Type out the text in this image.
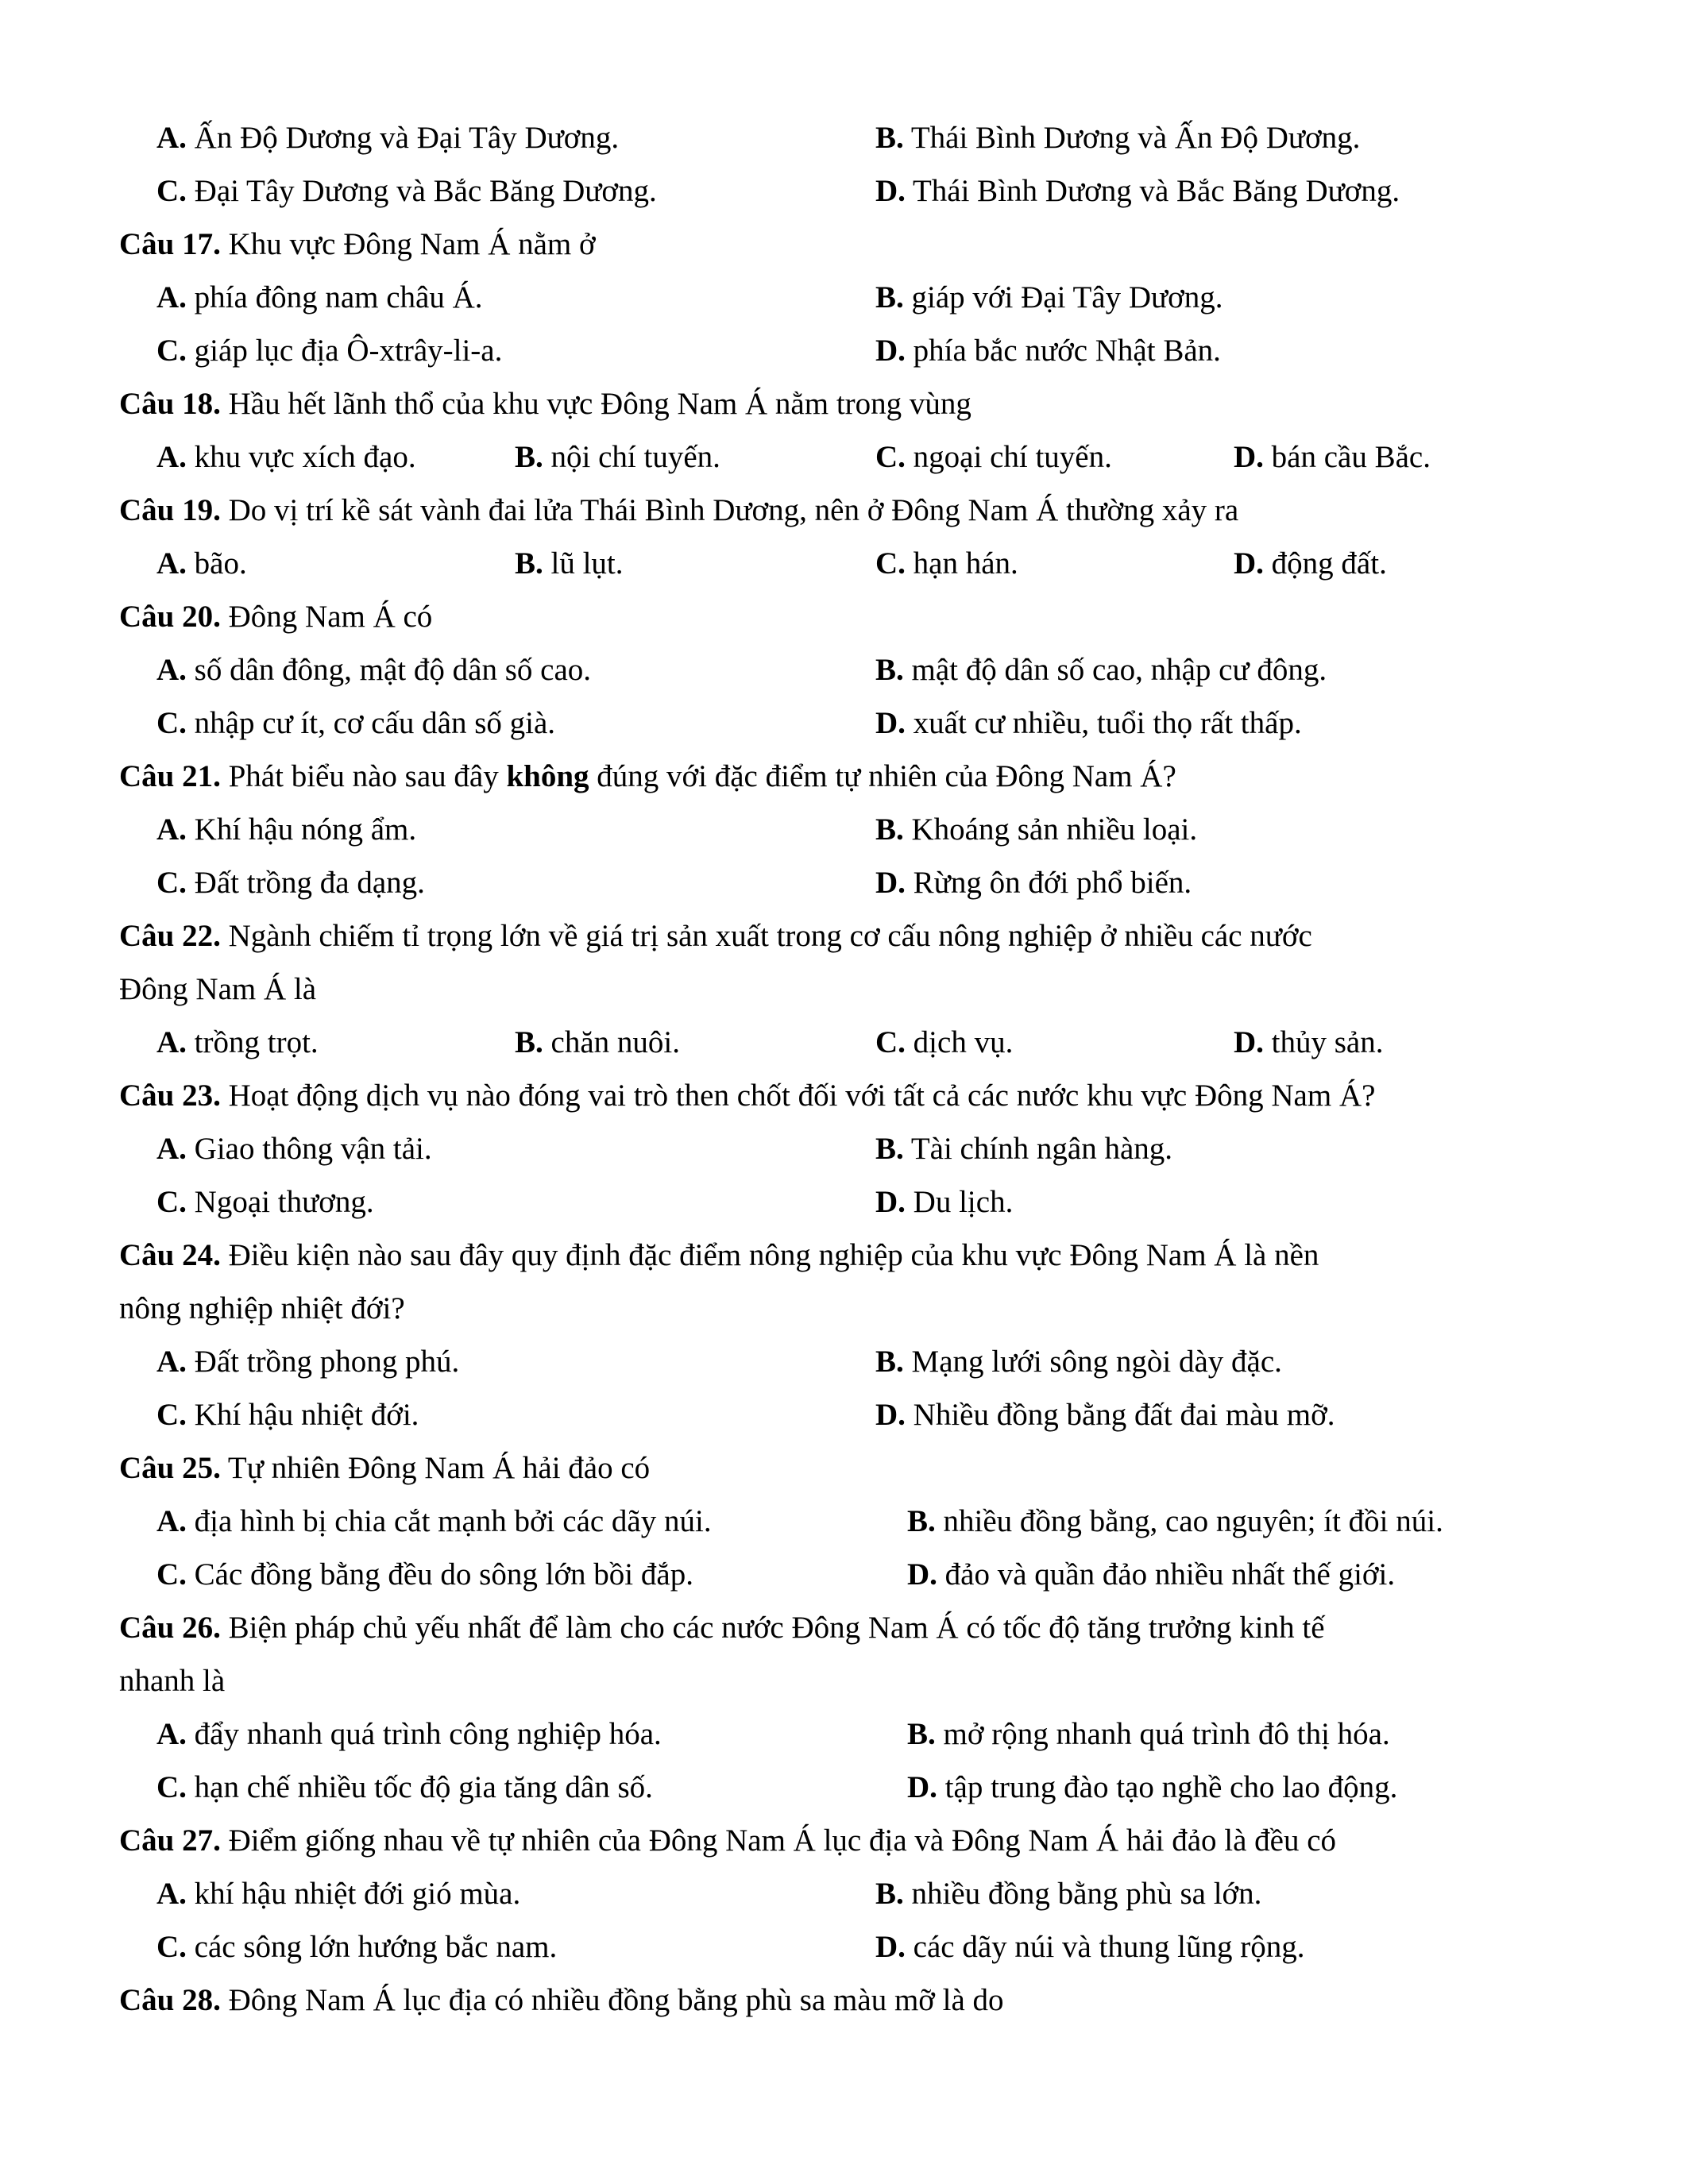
A. Ấn Độ Dương và Đại Tây Dương.	B. Thái Bình Dương và Ấn Độ Dương.
C. Đại Tây Dương và Bắc Băng Dương.	D. Thái Bình Dương và Bắc Băng Dương.
Câu 17. Khu vực Đông Nam Á nằm ở
A. phía đông nam châu Á.	B. giáp với Đại Tây Dương.
C. giáp lục địa Ô-xtrây-li-a.	D. phía bắc nước Nhật Bản.
Câu 18. Hầu hết lãnh thổ của khu vực Đông Nam Á nằm trong vùng
A. khu vực xích đạo.	B. nội chí tuyến.	C. ngoại chí tuyến.	D. bán cầu Bắc.
Câu 19. Do vị trí kề sát vành đai lửa Thái Bình Dương, nên ở Đông Nam Á thường xảy ra
A. bão.	B. lũ lụt.	C. hạn hán.	D. động đất.
Câu 20. Đông Nam Á có
A. số dân đông, mật độ dân số cao.	B. mật độ dân số cao, nhập cư đông.
C. nhập cư ít, cơ cấu dân số già.	D. xuất cư nhiều, tuổi thọ rất thấp.
Câu 21. Phát biểu nào sau đây không đúng với đặc điểm tự nhiên của Đông Nam Á?
A. Khí hậu nóng ẩm.	B. Khoáng sản nhiều loại.
C. Đất trồng đa dạng.	D. Rừng ôn đới phổ biến.
Câu 22. Ngành chiếm tỉ trọng lớn về giá trị sản xuất trong cơ cấu nông nghiệp ở nhiều các nước
Đông Nam Á là
A. trồng trọt.	B. chăn nuôi.	C. dịch vụ.	D. thủy sản.
Câu 23. Hoạt động dịch vụ nào đóng vai trò then chốt đối với tất cả các nước khu vực Đông Nam Á?
A. Giao thông vận tải.	B. Tài chính ngân hàng.
C. Ngoại thương.	D. Du lịch.
Câu 24. Điều kiện nào sau đây quy định đặc điểm nông nghiệp của khu vực Đông Nam Á là nền
nông nghiệp nhiệt đới?
A. Đất trồng phong phú.	B. Mạng lưới sông ngòi dày đặc.
C. Khí hậu nhiệt đới.	D. Nhiều đồng bằng đất đai màu mỡ.
Câu 25. Tự nhiên Đông Nam Á hải đảo có
A. địa hình bị chia cắt mạnh bởi các dãy núi.	B. nhiều đồng bằng, cao nguyên; ít đồi núi.
C. Các đồng bằng đều do sông lớn bồi đắp.	D. đảo và quần đảo nhiều nhất thế giới.
Câu 26. Biện pháp chủ yếu nhất để làm cho các nước Đông Nam Á có tốc độ tăng trưởng kinh tế
nhanh là
A. đẩy nhanh quá trình công nghiệp hóa.	B. mở rộng nhanh quá trình đô thị hóa.
C. hạn chế nhiều tốc độ gia tăng dân số.	D. tập trung đào tạo nghề cho lao động.
Câu 27. Điểm giống nhau về tự nhiên của Đông Nam Á lục địa và Đông Nam Á hải đảo là đều có
A. khí hậu nhiệt đới gió mùa.	B. nhiều đồng bằng phù sa lớn.
C. các sông lớn hướng bắc nam.	D. các dãy núi và thung lũng rộng.
Câu 28. Đông Nam Á lục địa có nhiều đồng bằng phù sa màu mỡ là do
